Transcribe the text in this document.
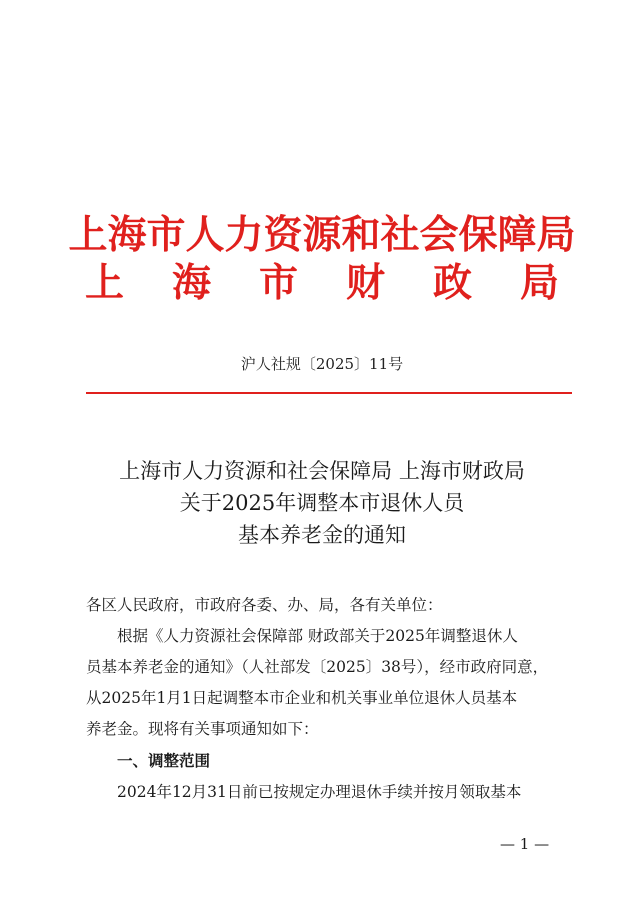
上海市人力资源和社会保障局
上海市财政局
沪人社规〔2025〕11号
上海市人力资源和社会保障局 上海市财政局
关于2025年调整本市退休人员
基本养老金的通知
各区人民政府，市政府各委、办、局，各有关单位：
根据《人力资源社会保障部 财政部关于2025年调整退休人
员基本养老金的通知》（人社部发〔2025〕38号），经市政府同意，
从2025年1月1日起调整本市企业和机关事业单位退休人员基本
养老金。现将有关事项通知如下：
一、调整范围
2024年12月31日前已按规定办理退休手续并按月领取基本
— 1 —
